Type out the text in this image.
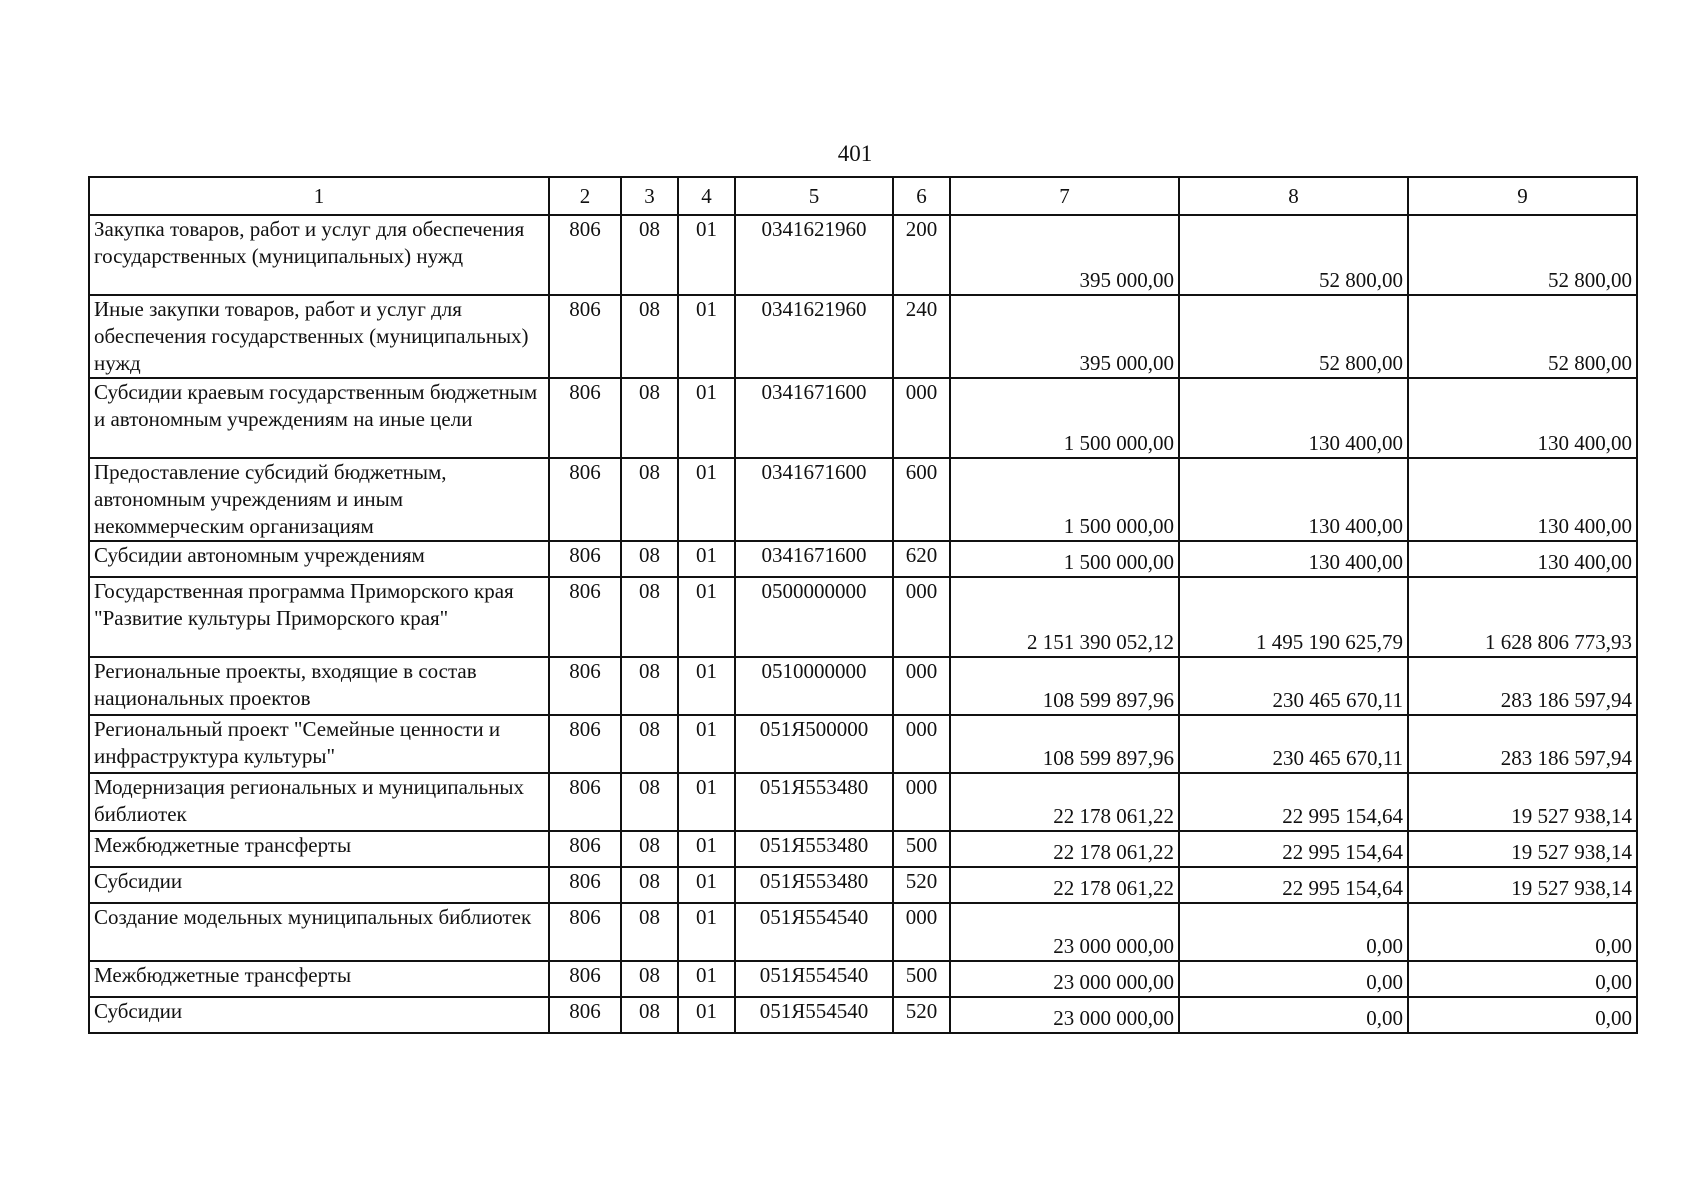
401
1	2	3	4	5	6	7	8	9
Закупка товаров, работ и услуг для обеспечения государственных (муниципальных) нужд	806	08	01	0341621960	200	395 000,00	52 800,00	52 800,00
Иные закупки товаров, работ и услуг для обеспечения государственных (муниципальных) нужд	806	08	01	0341621960	240	395 000,00	52 800,00	52 800,00
Субсидии краевым государственным бюджетным и автономным учреждениям на иные цели	806	08	01	0341671600	000	1 500 000,00	130 400,00	130 400,00
Предоставление субсидий бюджетным, автономным учреждениям и иным некоммерческим организациям	806	08	01	0341671600	600	1 500 000,00	130 400,00	130 400,00
Субсидии автономным учреждениям	806	08	01	0341671600	620	1 500 000,00	130 400,00	130 400,00
Государственная программа Приморского края "Развитие культуры Приморского края"	806	08	01	0500000000	000	2 151 390 052,12	1 495 190 625,79	1 628 806 773,93
Региональные проекты, входящие в состав национальных проектов	806	08	01	0510000000	000	108 599 897,96	230 465 670,11	283 186 597,94
Региональный проект "Семейные ценности и инфраструктура культуры"	806	08	01	051Я500000	000	108 599 897,96	230 465 670,11	283 186 597,94
Модернизация региональных и муниципальных библиотек	806	08	01	051Я553480	000	22 178 061,22	22 995 154,64	19 527 938,14
Межбюджетные трансферты	806	08	01	051Я553480	500	22 178 061,22	22 995 154,64	19 527 938,14
Субсидии	806	08	01	051Я553480	520	22 178 061,22	22 995 154,64	19 527 938,14
Создание модельных муниципальных библиотек	806	08	01	051Я554540	000	23 000 000,00	0,00	0,00
Межбюджетные трансферты	806	08	01	051Я554540	500	23 000 000,00	0,00	0,00
Субсидии	806	08	01	051Я554540	520	23 000 000,00	0,00	0,00
